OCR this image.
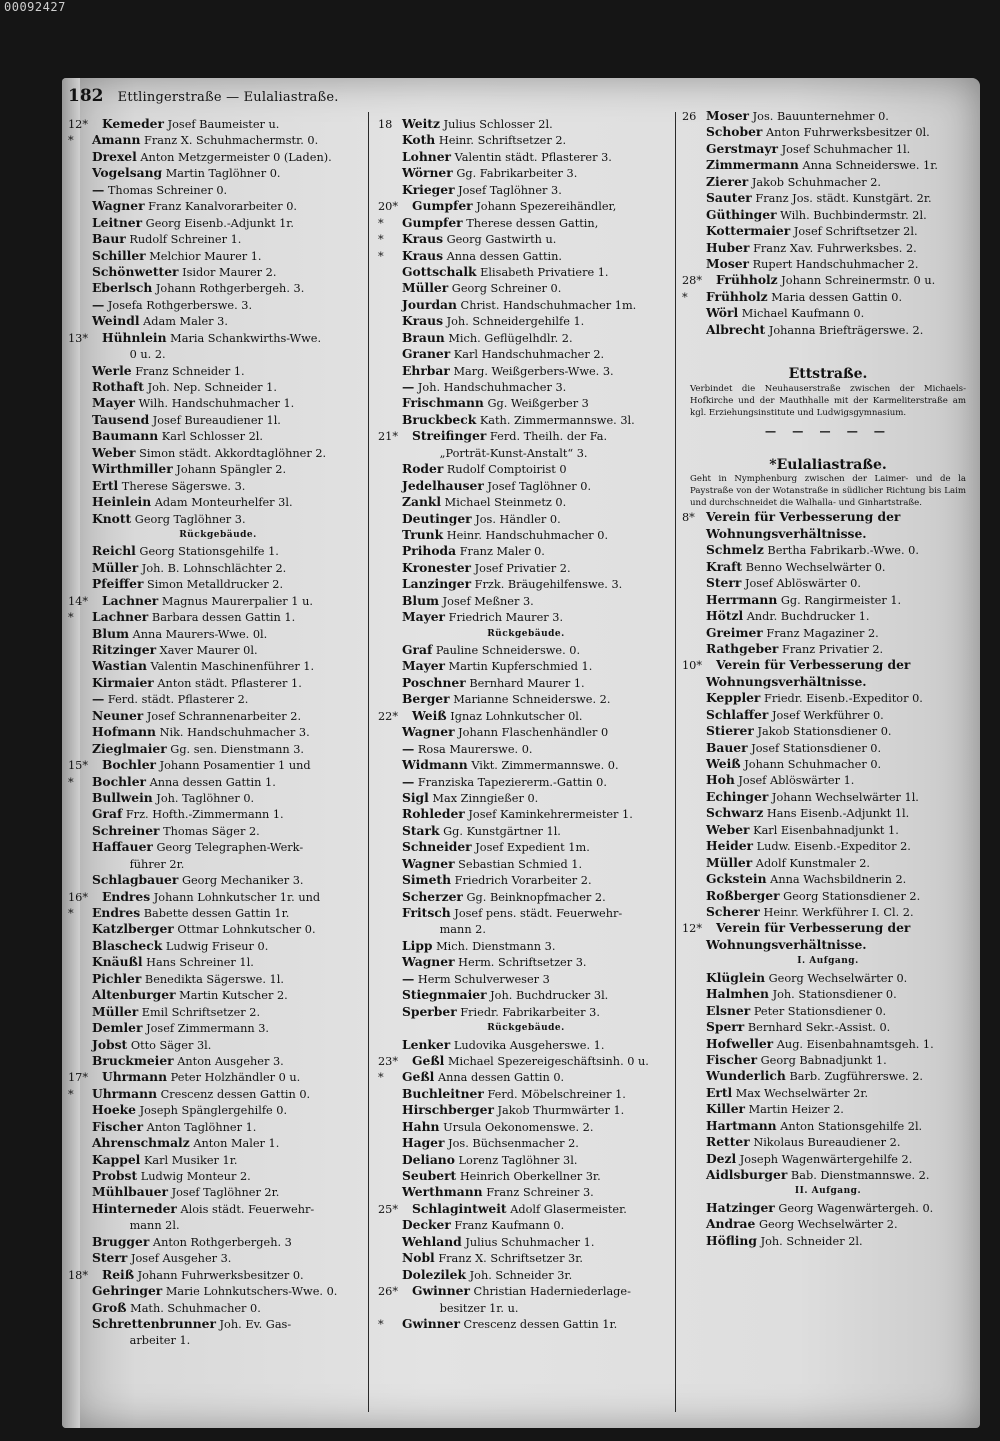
00092427
182 Ettlingerstraße — Eulaliastraße.
12* Kemeder Josef Baumeister u.
* Amann Franz X. Schuhmachermstr. 0.
Drexel Anton Metzgermeister 0 (Laden).
Vogelsang Martin Taglöhner 0.
— Thomas Schreiner 0.
Wagner Franz Kanalvorarbeiter 0.
Leitner Georg Eisenb.-Adjunkt 1r.
Baur Rudolf Schreiner 1.
Schiller Melchior Maurer 1.
Schönwetter Isidor Maurer 2.
Eberlsch Johann Rothgerbergeh. 3.
— Josefa Rothgerberswe. 3.
Weindl Adam Maler 3.
13* Hühnlein Maria Schankwirths-Wwe.
0 u. 2.
Werle Franz Schneider 1.
Rothaft Joh. Nep. Schneider 1.
Mayer Wilh. Handschuhmacher 1.
Tausend Josef Bureaudiener 1l.
Baumann Karl Schlosser 2l.
Weber Simon städt. Akkordtaglöhner 2.
Wirthmiller Johann Spängler 2.
Ertl Therese Sägerswe. 3.
Heinlein Adam Monteurhelfer 3l.
Knott Georg Taglöhner 3.
Rückgebäude.
Reichl Georg Stationsgehilfe 1.
Müller Joh. B. Lohnschlächter 2.
Pfeiffer Simon Metalldrucker 2.
14* Lachner Magnus Maurerpalier 1 u.
* Lachner Barbara dessen Gattin 1.
Blum Anna Maurers-Wwe. 0l.
Ritzinger Xaver Maurer 0l.
Wastian Valentin Maschinenführer 1.
Kirmaier Anton städt. Pflasterer 1.
— Ferd. städt. Pflasterer 2.
Neuner Josef Schrannenarbeiter 2.
Hofmann Nik. Handschuhmacher 3.
Zieglmaier Gg. sen. Dienstmann 3.
15* Bochler Johann Posamentier 1 und
* Bochler Anna dessen Gattin 1.
Bullwein Joh. Taglöhner 0.
Graf Frz. Hofth.-Zimmermann 1.
Schreiner Thomas Säger 2.
Haffauer Georg Telegraphen-Werk-
führer 2r.
Schlagbauer Georg Mechaniker 3.
16* Endres Johann Lohnkutscher 1r. und
* Endres Babette dessen Gattin 1r.
Katzlberger Ottmar Lohnkutscher 0.
Blascheck Ludwig Friseur 0.
Knäußl Hans Schreiner 1l.
Pichler Benedikta Sägerswe. 1l.
Altenburger Martin Kutscher 2.
Müller Emil Schriftsetzer 2.
Demler Josef Zimmermann 3.
Jobst Otto Säger 3l.
Bruckmeier Anton Ausgeher 3.
17* Uhrmann Peter Holzhändler 0 u.
* Uhrmann Crescenz dessen Gattin 0.
Hoeke Joseph Spänglergehilfe 0.
Fischer Anton Taglöhner 1.
Ahrenschmalz Anton Maler 1.
Kappel Karl Musiker 1r.
Probst Ludwig Monteur 2.
Mühlbauer Josef Taglöhner 2r.
Hinterneder Alois städt. Feuerwehr-
mann 2l.
Brugger Anton Rothgerbergeh. 3
Sterr Josef Ausgeher 3.
18* Reiß Johann Fuhrwerksbesitzer 0.
Gehringer Marie Lohnkutschers-Wwe. 0.
Groß Math. Schuhmacher 0.
Schrettenbrunner Joh. Ev. Gas-
arbeiter 1.
18 Weitz Julius Schlosser 2l.
Koth Heinr. Schriftsetzer 2.
Lohner Valentin städt. Pflasterer 3.
Wörner Gg. Fabrikarbeiter 3.
Krieger Josef Taglöhner 3.
20* Gumpfer Johann Spezereihändler,
* Gumpfer Therese dessen Gattin,
* Kraus Georg Gastwirth u.
* Kraus Anna dessen Gattin.
Gottschalk Elisabeth Privatiere 1.
Müller Georg Schreiner 0.
Jourdan Christ. Handschuhmacher 1m.
Kraus Joh. Schneidergehilfe 1.
Braun Mich. Geflügelhdlr. 2.
Graner Karl Handschuhmacher 2.
Ehrbar Marg. Weißgerbers-Wwe. 3.
— Joh. Handschuhmacher 3.
Frischmann Gg. Weißgerber 3
Bruckbeck Kath. Zimmermannswe. 3l.
21* Streifinger Ferd. Theilh. der Fa.
„Porträt-Kunst-Anstalt“ 3.
Roder Rudolf Comptoirist 0
Jedelhauser Josef Taglöhner 0.
Zankl Michael Steinmetz 0.
Deutinger Jos. Händler 0.
Trunk Heinr. Handschuhmacher 0.
Prihoda Franz Maler 0.
Kronester Josef Privatier 2.
Lanzinger Frzk. Bräugehilfenswe. 3.
Blum Josef Meßner 3.
Mayer Friedrich Maurer 3.
Rückgebäude.
Graf Pauline Schneiderswe. 0.
Mayer Martin Kupferschmied 1.
Poschner Bernhard Maurer 1.
Berger Marianne Schneiderswe. 2.
22* Weiß Ignaz Lohnkutscher 0l.
Wagner Johann Flaschenhändler 0
— Rosa Maurerswe. 0.
Widmann Vikt. Zimmermannswe. 0.
— Franziska Tapeziererm.-Gattin 0.
Sigl Max Zinngießer 0.
Rohleder Josef Kaminkehrermeister 1.
Stark Gg. Kunstgärtner 1l.
Schneider Josef Expedient 1m.
Wagner Sebastian Schmied 1.
Simeth Friedrich Vorarbeiter 2.
Scherzer Gg. Beinknopfmacher 2.
Fritsch Josef pens. städt. Feuerwehr-
mann 2.
Lipp Mich. Dienstmann 3.
Wagner Herm. Schriftsetzer 3.
— Herm Schulverweser 3
Stiegnmaier Joh. Buchdrucker 3l.
Sperber Friedr. Fabrikarbeiter 3.
Rückgebäude.
Lenker Ludovika Ausgeherswe. 1.
23* Geßl Michael Spezereigeschäftsinh. 0 u.
* Geßl Anna dessen Gattin 0.
Buchleitner Ferd. Möbelschreiner 1.
Hirschberger Jakob Thurmwärter 1.
Hahn Ursula Oekonomenswe. 2.
Hager Jos. Büchsenmacher 2.
Deliano Lorenz Taglöhner 3l.
Seubert Heinrich Oberkellner 3r.
Werthmann Franz Schreiner 3.
25* Schlagintweit Adolf Glasermeister.
Decker Franz Kaufmann 0.
Wehland Julius Schuhmacher 1.
Nobl Franz X. Schriftsetzer 3r.
Dolezilek Joh. Schneider 3r.
26* Gwinner Christian Haderniederlage-
besitzer 1r. u.
* Gwinner Crescenz dessen Gattin 1r.
26 Moser Jos. Bauunternehmer 0.
Schober Anton Fuhrwerksbesitzer 0l.
Gerstmayr Josef Schuhmacher 1l.
Zimmermann Anna Schneiderswe. 1r.
Zierer Jakob Schuhmacher 2.
Sauter Franz Jos. städt. Kunstgärt. 2r.
Güthinger Wilh. Buchbindermstr. 2l.
Kottermaier Josef Schriftsetzer 2l.
Huber Franz Xav. Fuhrwerksbes. 2.
Moser Rupert Handschuhmacher 2.
28* Frühholz Johann Schreinermstr. 0 u.
* Frühholz Maria dessen Gattin 0.
Wörl Michael Kaufmann 0.
Albrecht Johanna Briefträgerswe. 2.
Ettstraße.
Verbindet die Neuhauserstraße zwischen der Michaels-Hofkirche und der Mauthhalle mit der Karmeliterstraße am kgl. Erziehungsinstitute und Ludwigsgymnasium.
— — — — —
*Eulaliastraße.
Geht in Nymphenburg zwischen der Laimer- und de la Paystraße von der Wotanstraße in südlicher Richtung bis Laim und durchschneidet die Walhalla- und Ginhartstraße.
8* Verein für Verbesserung der
Wohnungsverhältnisse.
Schmelz Bertha Fabrikarb.-Wwe. 0.
Kraft Benno Wechselwärter 0.
Sterr Josef Ablöswärter 0.
Herrmann Gg. Rangirmeister 1.
Hötzl Andr. Buchdrucker 1.
Greimer Franz Magaziner 2.
Rathgeber Franz Privatier 2.
10* Verein für Verbesserung der
Wohnungsverhältnisse.
Keppler Friedr. Eisenb.-Expeditor 0.
Schlaffer Josef Werkführer 0.
Stierer Jakob Stationsdiener 0.
Bauer Josef Stationsdiener 0.
Weiß Johann Schuhmacher 0.
Hoh Josef Ablöswärter 1.
Echinger Johann Wechselwärter 1l.
Schwarz Hans Eisenb.-Adjunkt 1l.
Weber Karl Eisenbahnadjunkt 1.
Heider Ludw. Eisenb.-Expeditor 2.
Müller Adolf Kunstmaler 2.
Gckstein Anna Wachsbildnerin 2.
Roßberger Georg Stationsdiener 2.
Scherer Heinr. Werkführer I. Cl. 2.
12* Verein für Verbesserung der
Wohnungsverhältnisse.
I. Aufgang.
Klüglein Georg Wechselwärter 0.
Halmhen Joh. Stationsdiener 0.
Elsner Peter Stationsdiener 0.
Sperr Bernhard Sekr.-Assist. 0.
Hofweller Aug. Eisenbahnamtsgeh. 1.
Fischer Georg Babnadjunkt 1.
Wunderlich Barb. Zugführerswe. 2.
Ertl Max Wechselwärter 2r.
Killer Martin Heizer 2.
Hartmann Anton Stationsgehilfe 2l.
Retter Nikolaus Bureaudiener 2.
Dezl Joseph Wagenwärtergehilfe 2.
Aidlsburger Bab. Dienstmannswe. 2.
II. Aufgang.
Hatzinger Georg Wagenwärtergeh. 0.
Andrae Georg Wechselwärter 2.
Höfling Joh. Schneider 2l.
